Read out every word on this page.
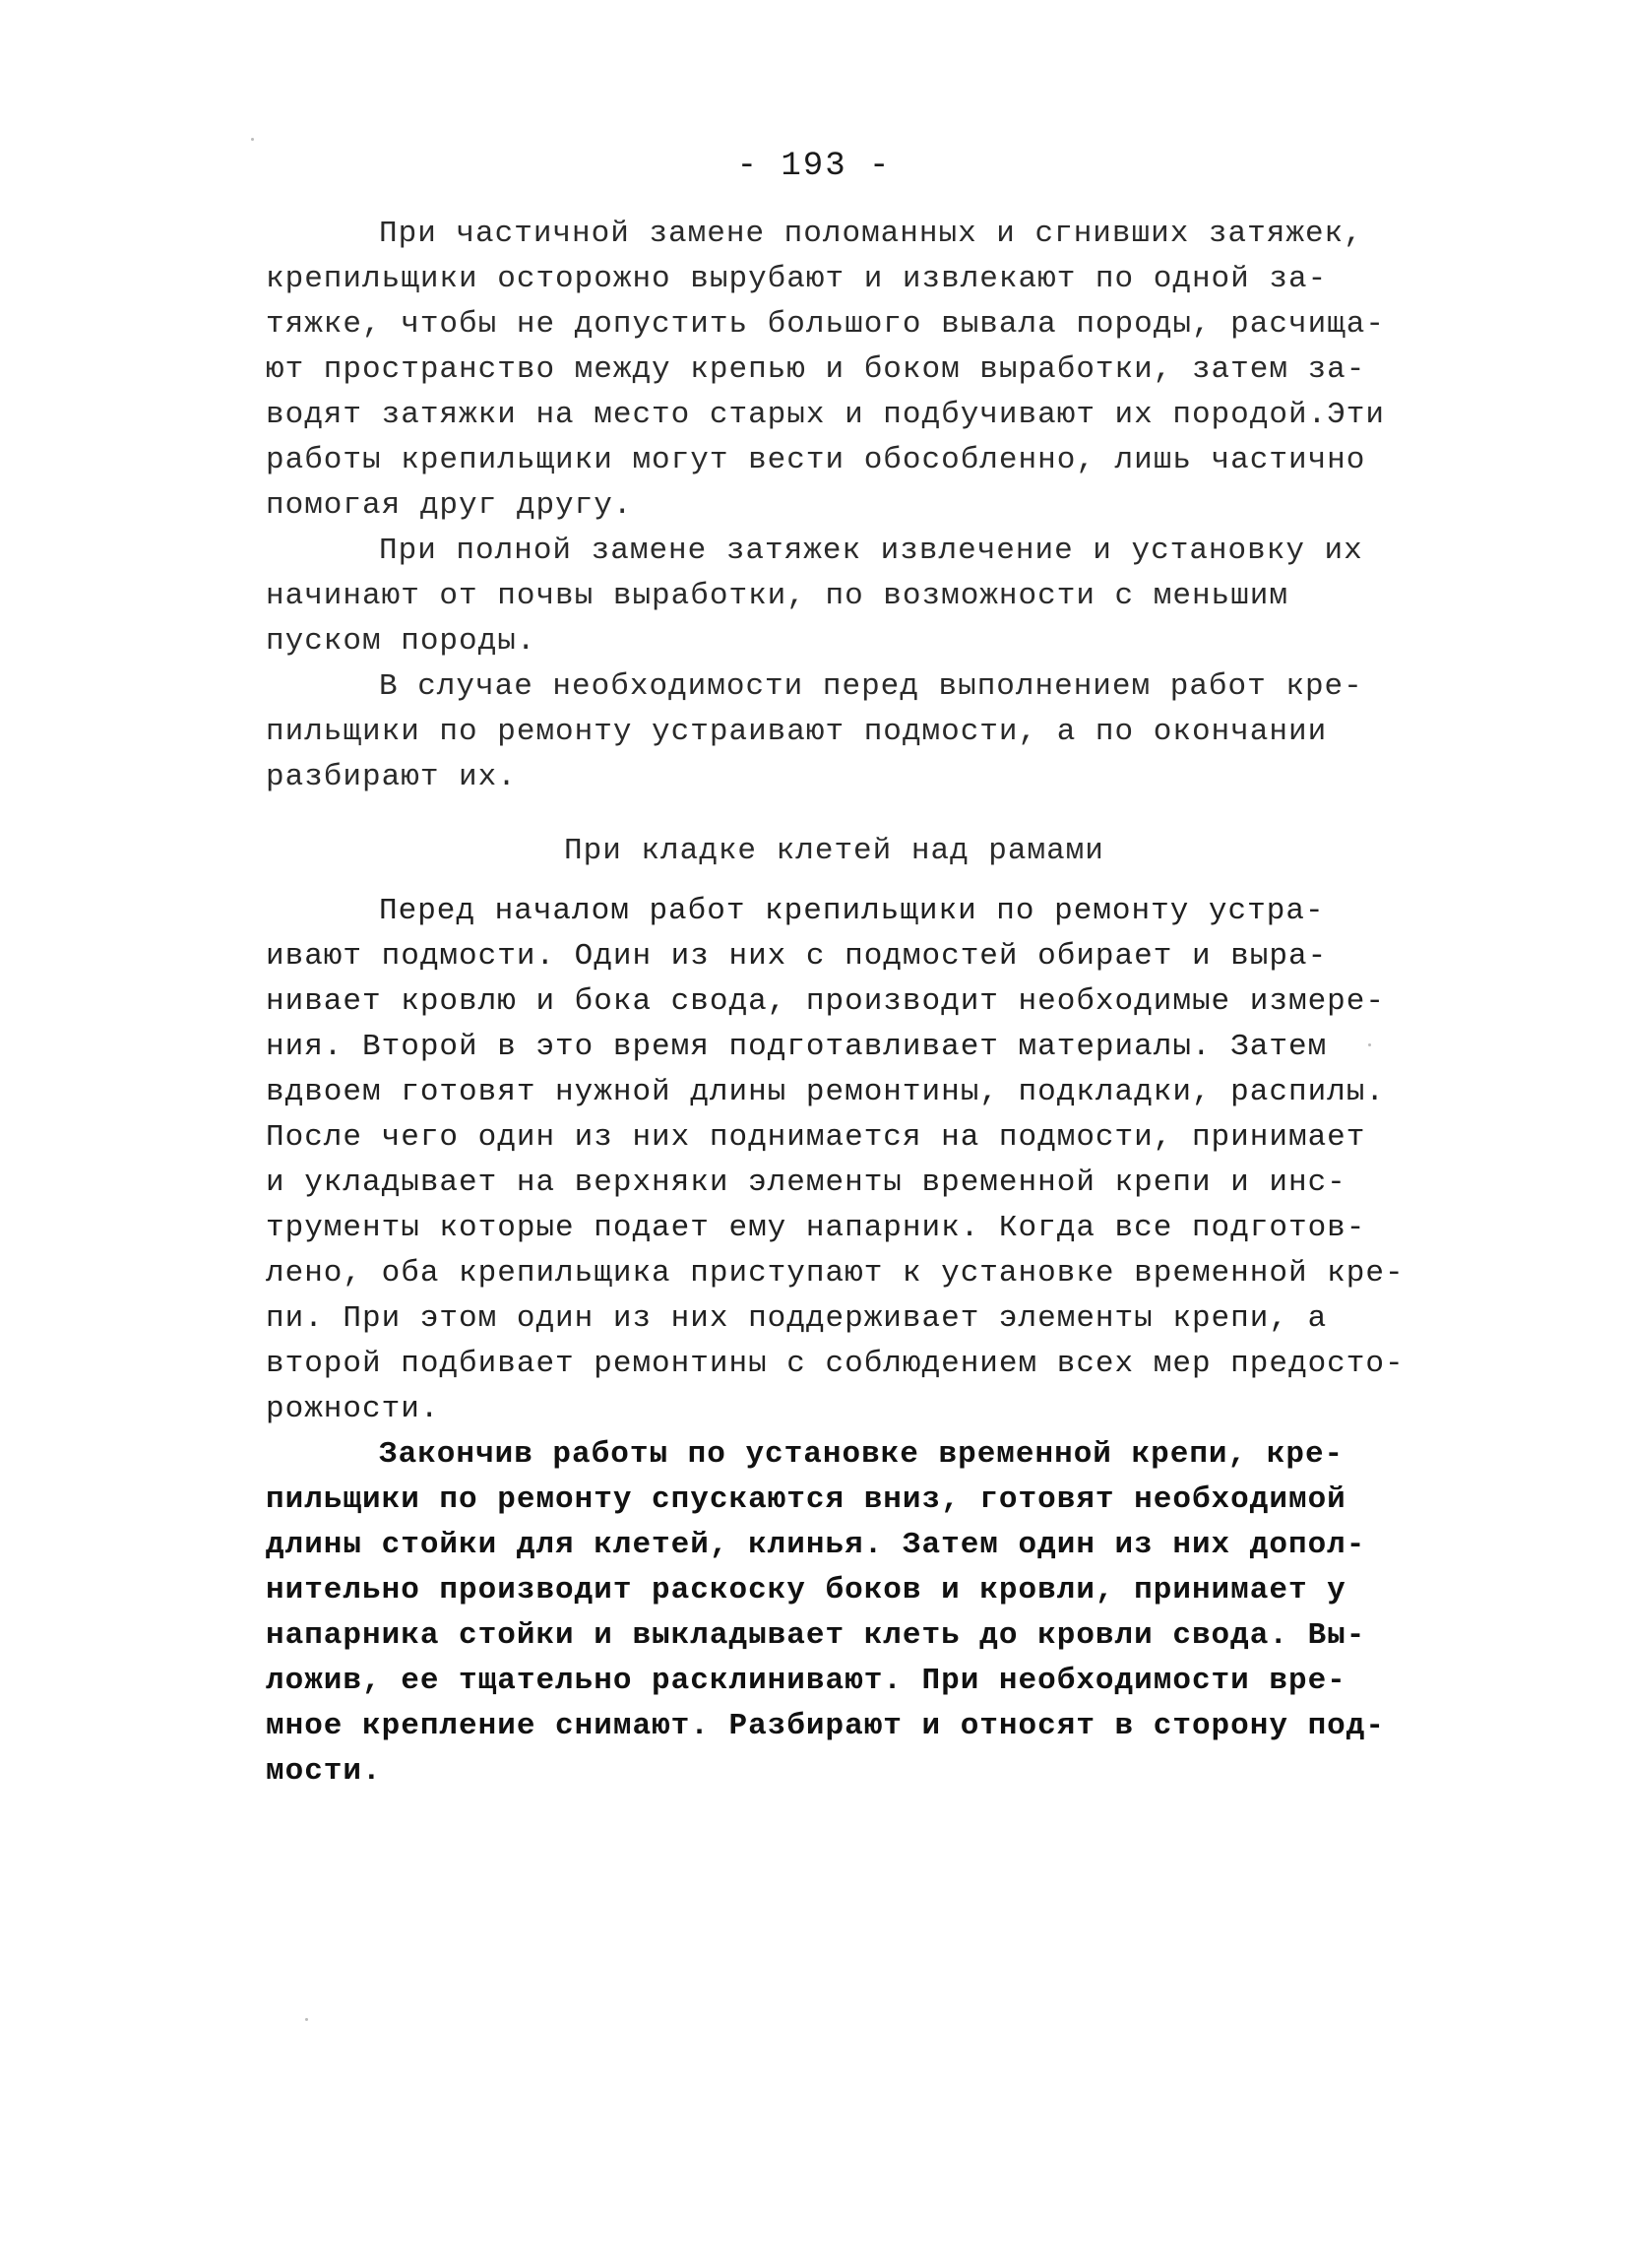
- 193 -
При частичной замене поломанных и сгнивших затяжек,
крепильщики осторожно вырубают и извлекают по одной за-
тяжке, чтобы не допустить большого вывала породы, расчища-
ют пространство между крепью и боком выработки, затем за-
водят затяжки на место старых и подбучивают их породой.Эти
работы крепильщики могут вести обособленно, лишь частично
помогая друг другу.
При полной замене затяжек извлечение и установку их
начинают от почвы выработки, по возможности с меньшим
пуском породы.
В случае необходимости перед выполнением работ кре-
пильщики по ремонту устраивают подмости, а по окончании
разбирают их.
При кладке клетей над рамами
Перед началом работ крепильщики по ремонту устра-
ивают подмости. Один из них с подмостей обирает и выра-
нивает кровлю и бока свода, производит необходимые измере-
ния. Второй в это время подготавливает материалы. Затем
вдвоем готовят нужной длины ремонтины, подкладки, распилы.
После чего один из них поднимается на подмости, принимает
и укладывает на верхняки элементы временной крепи и инс-
трументы которые подает ему напарник. Когда все подготов-
лено, оба крепильщика приступают к установке временной кре-
пи. При этом один из них поддерживает элементы крепи, а
второй подбивает ремонтины с соблюдением всех мер предосто-
рожности.
Закончив работы по установке временной крепи, кре-
пильщики по ремонту спускаются вниз, готовят необходимой
длины стойки для клетей, клинья. Затем один из них допол-
нительно производит раскоску боков и кровли, принимает у
напарника стойки и выкладывает клеть до кровли свода. Вы-
ложив, ее тщательно расклинивают. При необходимости вре-
мное крепление снимают. Разбирают и относят в сторону под-
мости.
